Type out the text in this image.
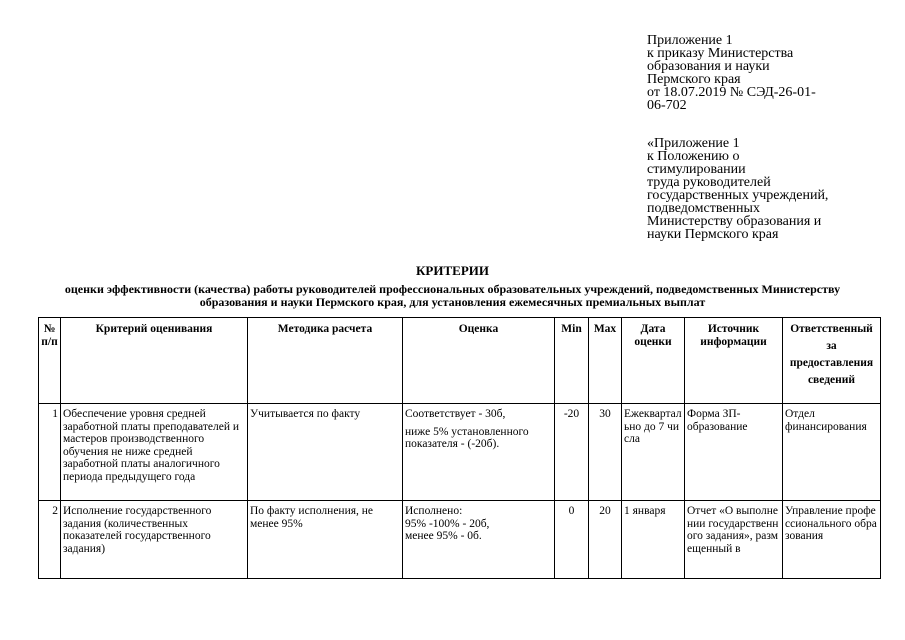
Приложение 1
к приказу Министерства
образования и науки
Пермского края
от 18.07.2019 № СЭД-26-01-
06-702
«Приложение 1
к Положению о
стимулировании
труда руководителей
государственных учреждений,
подведомственных
Министерству образования и
науки Пермского края
КРИТЕРИИ
оценки эффективности (качества) работы руководителей профессиональных образовательных учреждений, подведомственных Министерству
образования и науки Пермского края, для установления ежемесячных премиальных выплат
№ п/п	Критерий оценивания	Методика расчета	Оценка	Min	Max	Дата оценки	Источник информации	Ответственный
за
предоставления
сведений

1	Обеспечение уровня средней заработной платы преподавателей и мастеров производственного обучения не ниже средней заработной платы аналогичного периода предыдущего года	Учитывается по факту	Соответствует - 30б,
ниже 5% установленного показателя - (-20б).	-20	30	Ежеквартально до 7 числа	Форма ЗП-образование	Отдел финансирования
2	Исполнение государственного задания (количественных показателей государственного задания)	По факту исполнения, не менее 95%	Исполнено:
95% -100% - 20б,
менее 95% - 0б.	0	20	1 января	Отчет «О выполнении государственного задания», размещенный в	Управление профессионального образования
